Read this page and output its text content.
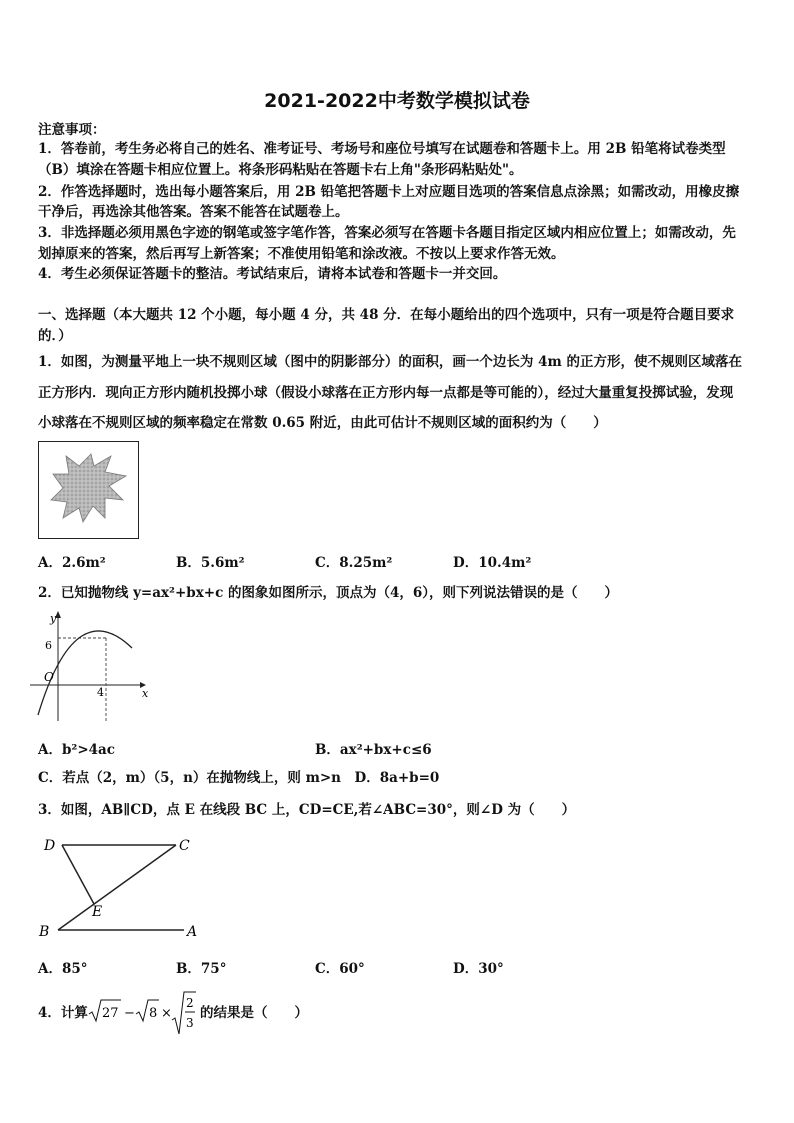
2021-2022中考数学模拟试卷
注意事项：
1．答卷前，考生务必将自己的姓名、准考证号、考场号和座位号填写在试题卷和答题卡上。用 2B 铅笔将试卷类型
（B）填涂在答题卡相应位置上。将条形码粘贴在答题卡右上角"条形码粘贴处"。
2．作答选择题时，选出每小题答案后，用 2B 铅笔把答题卡上对应题目选项的答案信息点涂黑；如需改动，用橡皮擦
干净后，再选涂其他答案。答案不能答在试题卷上。
3．非选择题必须用黑色字迹的钢笔或签字笔作答，答案必须写在答题卡各题目指定区域内相应位置上；如需改动，先
划掉原来的答案，然后再写上新答案；不准使用铅笔和涂改液。不按以上要求作答无效。
4．考生必须保证答题卡的整洁。考试结束后，请将本试卷和答题卡一并交回。
一、选择题（本大题共 12 个小题，每小题 4 分，共 48 分．在每小题给出的四个选项中，只有一项是符合题目要求
的．）
1．如图，为测量平地上一块不规则区域（图中的阴影部分）的面积，画一个边长为 4m 的正方形，使不规则区域落在
正方形内．现向正方形内随机投掷小球（假设小球落在正方形内每一点都是等可能的），经过大量重复投掷试验，发现
小球落在不规则区域的频率稳定在常数 0.65 附近，由此可估计不规则区域的面积约为（　　）
A．2.6m²	B．5.6m²	C．8.25m²	D．10.4m²
2．已知抛物线 y=ax²+bx+c 的图象如图所示，顶点为（4，6），则下列说法错误的是（　　）
y
x
O
6
4
A．b²>4ac	B．ax²+bx+c≤6
C．若点（2，m）（5，n）在抛物线上，则 m>n　D．8a+b=0
3．如图，AB∥CD，点 E 在线段 BC 上，CD=CE,若∠ABC=30°，则∠D 为（　　）
D	C
E
B	A
A．85°	B．75°	C．60°	D．30°
4．计算 27 − 8 ×
2
3
的结果是（　　）
